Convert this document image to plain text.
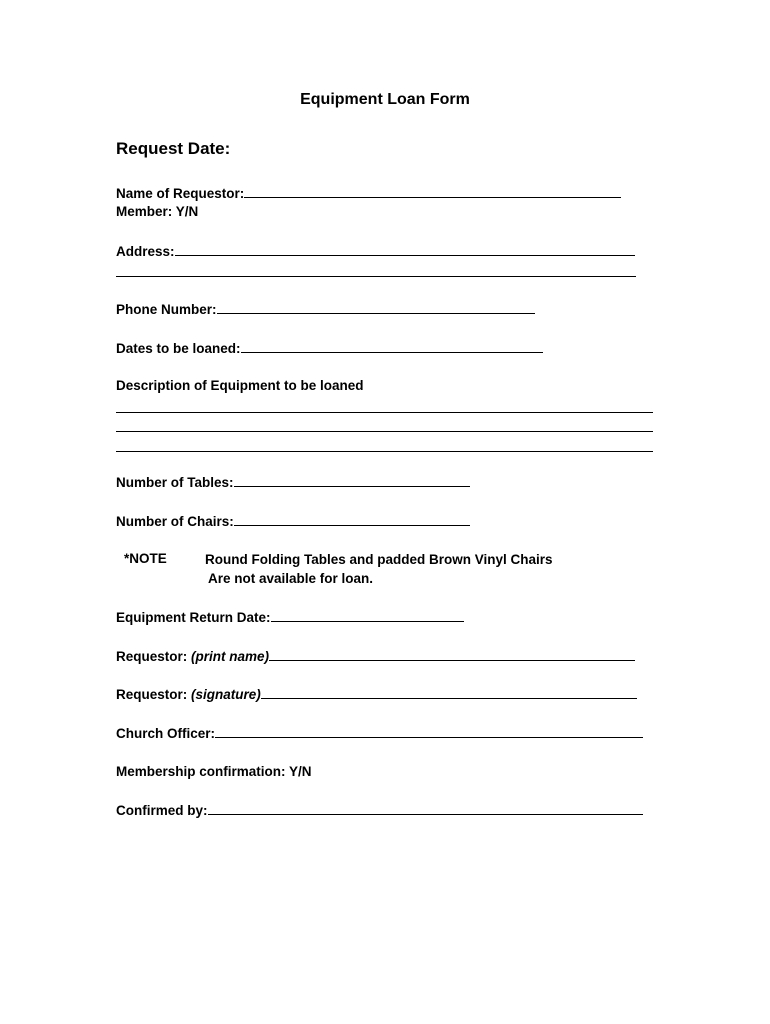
Equipment Loan Form
Request Date:
Name of Requestor:
Member: Y/N
Address:
Phone Number:
Dates to be loaned:
Description of Equipment to be loaned
Number of Tables:
Number of Chairs:
*NOTE	Round Folding Tables and padded Brown Vinyl Chairs
Are not available for loan.
Equipment Return Date:
Requestor: (print name)
Requestor: (signature)
Church Officer:
Membership confirmation: Y/N
Confirmed by:
